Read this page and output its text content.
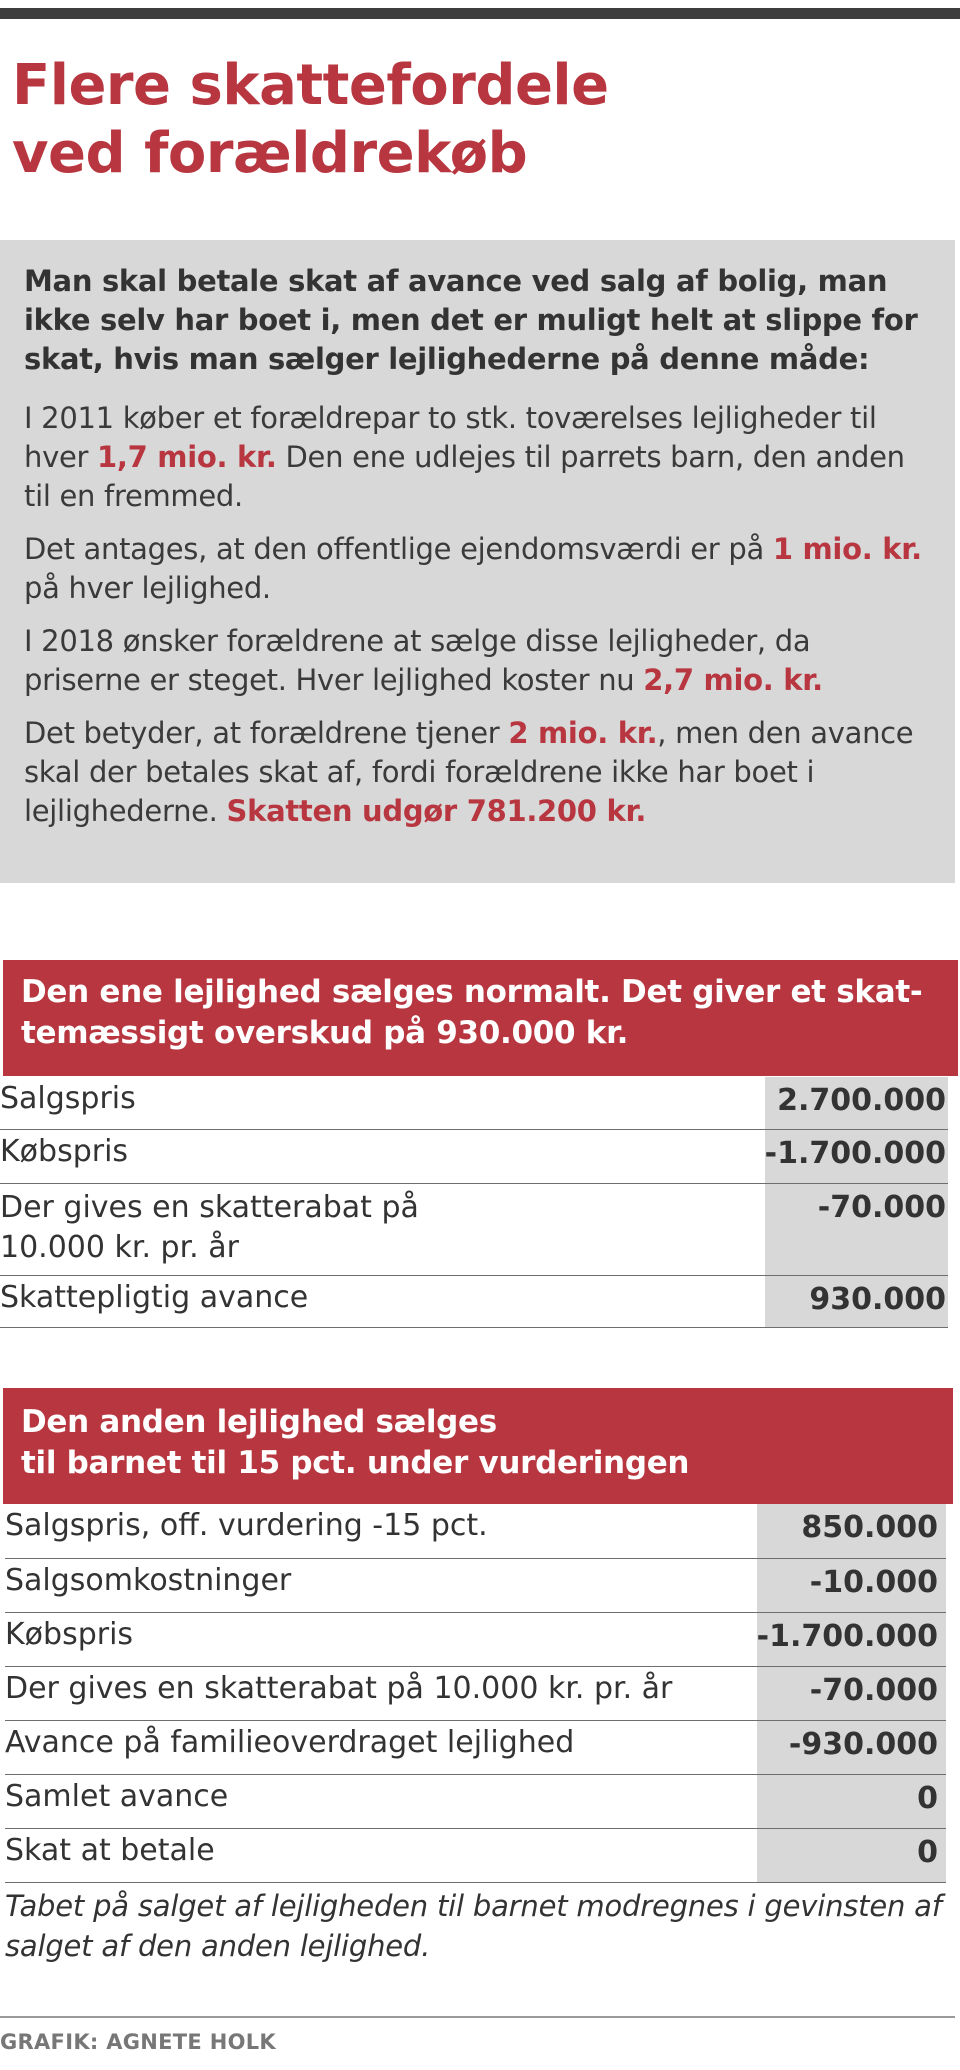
Flere skattefordele
ved forældrekøb
Man skal betale skat af avance ved salg af bolig, man ikke selv har boet i, men det er muligt helt at slippe for skat, hvis man sælger lejlighederne på denne måde:

I 2011 køber et forældrepar to stk. toværelses lejligheder til hver 1,7 mio. kr. Den ene udlejes til parrets barn, den anden til en fremmed.

Det antages, at den offentlige ejendomsværdi er på 1 mio. kr. på hver lejlighed.

I 2018 ønsker forældrene at sælge disse lejligheder, da priserne er steget. Hver lejlighed koster nu 2,7 mio. kr.

Det betyder, at forældrene tjener 2 mio. kr., men den avance skal der betales skat af, fordi forældrene ikke har boet i lejlighederne. Skatten udgør 781.200 kr.

Den ene lejlighed sælges normalt. Det giver et skat-
temæssigt overskud på 930.000 kr.
Salgspris	2.700.000
Købspris	-1.700.000

Der gives en skatterabat på
10.000 kr. pr. år	-70.000
Skattepligtig avance	930.000
Den anden lejlighed sælges
til barnet til 15 pct. under vurderingen
Salgspris, off. vurdering -15 pct.	850.000
Salgsomkostninger	-10.000
Købspris	-1.700.000
Der gives en skatterabat på 10.000 kr. pr. år	-70.000
Avance på familieoverdraget lejlighed	-930.000
Samlet avance	0
Skat at betale	0
Tabet på salget af lejligheden til barnet modregnes i gevinsten af salget af den anden lejlighed.
GRAFIK: AGNETE HOLK
